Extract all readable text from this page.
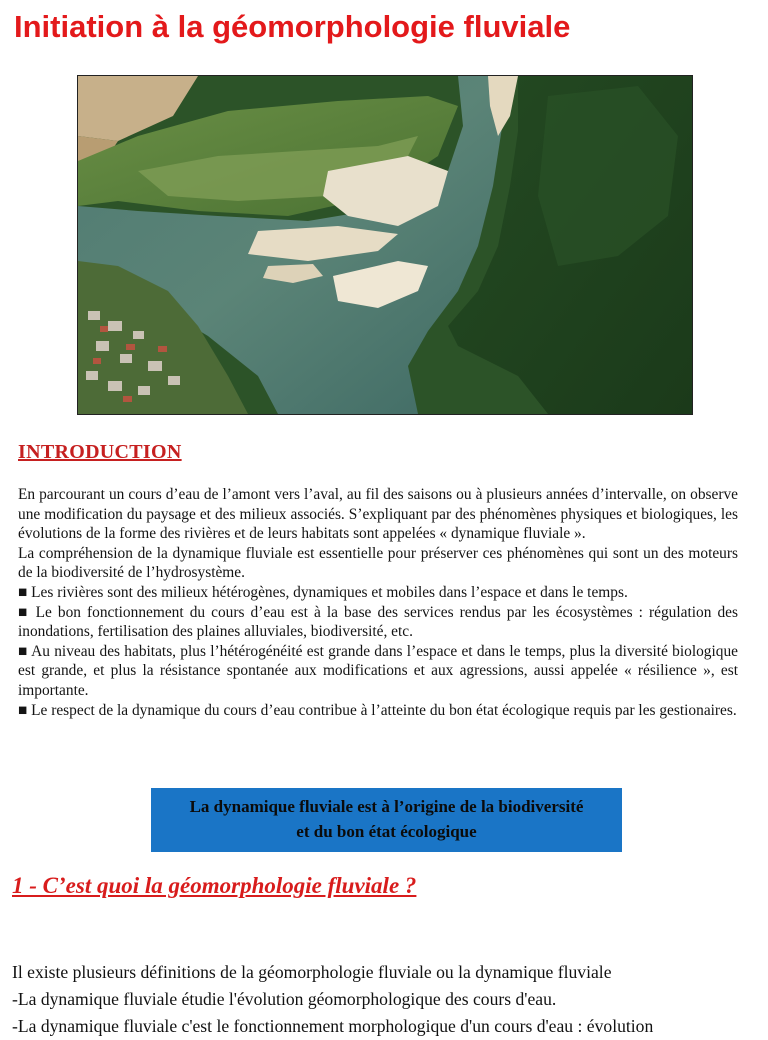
Initiation à la géomorphologie fluviale
INTRODUCTION

En parcourant un cours d’eau de l’amont vers l’aval, au fil des saisons ou à plusieurs années d’intervalle, on observe une modification du paysage et des milieux associés. S’expliquant par des phénomènes physiques et biologiques, les évolutions de la forme des rivières et de leurs habitats sont appelées « dynamique fluviale ».

La compréhension de la dynamique fluviale est essentielle pour préserver ces phénomènes qui sont un des moteurs de la biodiversité de l’hydrosystème.

■ Les rivières sont des milieux hétérogènes, dynamiques et mobiles dans l’espace et dans le temps.

■ Le bon fonctionnement du cours d’eau est à la base des services rendus par les écosystèmes : régulation des inondations, fertilisation des plaines alluviales, biodiversité, etc.

■ Au niveau des habitats, plus l’hétérogénéité est grande dans l’espace et dans le temps, plus la diversité biologique est grande, et plus la résistance spontanée aux modifications et aux agressions, aussi appelée « résilience », est importante.

■ Le respect de la dynamique du cours d’eau contribue à l’atteinte du bon état écologique requis par les gestionaires.

La dynamique fluviale est à l’origine de la biodiversité
et du bon état écologique
1 - C’est quoi la géomorphologie fluviale ?

Il existe plusieurs définitions de la géomorphologie fluviale ou la dynamique fluviale

-La dynamique fluviale étudie l'évolution géomorphologique des cours d'eau.

-La dynamique fluviale c'est le fonctionnement morphologique d'un cours d'eau : évolution
